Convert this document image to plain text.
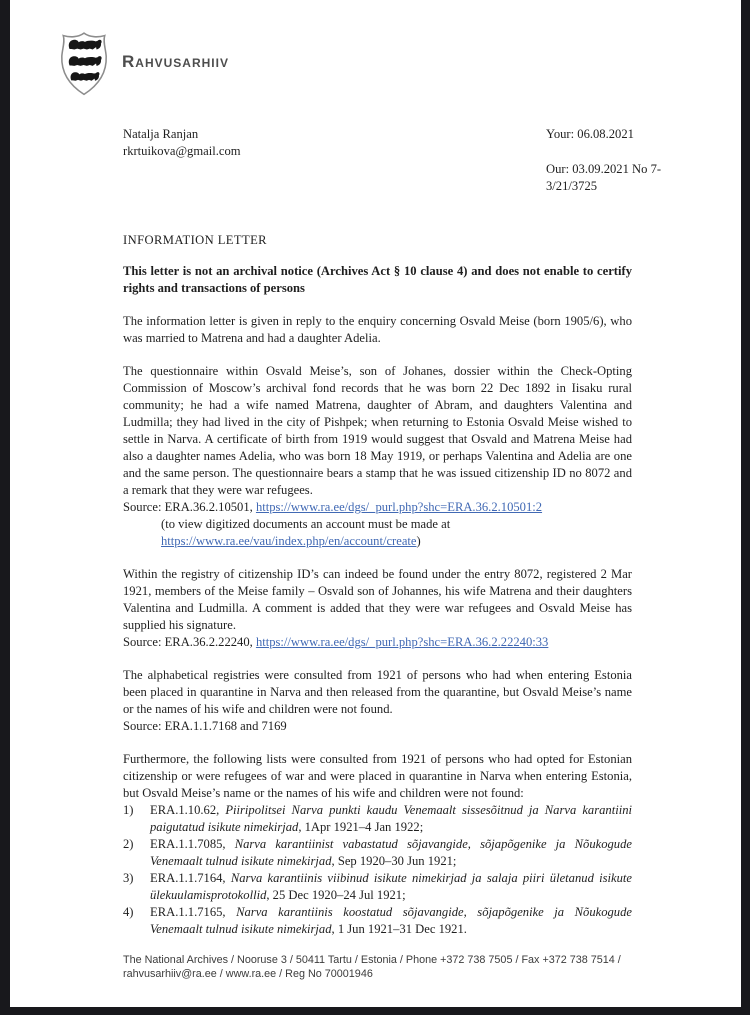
Rahvusarhiiv
Natalja Ranjan
rkrtuikova@gmail.com
Your: 06.08.2021
Our: 03.09.2021 No 7-
3/21/3725

INFORMATION LETTER

This letter is not an archival notice (Archives Act § 10 clause 4) and does not enable to certify rights and transactions of persons

The information letter is given in reply to the enquiry concerning Osvald Meise (born 1905/6), who was married to Matrena and had a daughter Adelia.

The questionnaire within Osvald Meise’s, son of Johanes, dossier within the Check-Opting Commission of Moscow’s archival fond records that he was born 22 Dec 1892 in Iisaku rural community; he had a wife named Matrena, daughter of Abram, and daughters Valentina and Ludmilla; they had lived in the city of Pishpek; when returning to Estonia Osvald Meise wished to settle in Narva. A certificate of birth from 1919 would suggest that Osvald and Matrena Meise had also a daughter names Adelia, who was born 18 May 1919, or perhaps Valentina and Adelia are one and the same person. The questionnaire bears a stamp that he was issued citizenship ID no 8072 and a remark that they were war refugees.

Source: ERA.36.2.10501, https://www.ra.ee/dgs/_purl.php?shc=ERA.36.2.10501:2
(to view digitized documents an account must be made at
https://www.ra.ee/vau/index.php/en/account/create)

Within the registry of citizenship ID’s can indeed be found under the entry 8072, registered 2 Mar 1921, members of the Meise family – Osvald son of Johannes, his wife Matrena and their daughters Valentina and Ludmilla. A comment is added that they were war refugees and Osvald Meise has supplied his signature.

Source: ERA.36.2.22240, https://www.ra.ee/dgs/_purl.php?shc=ERA.36.2.22240:33

The alphabetical registries were consulted from 1921 of persons who had when entering Estonia been placed in quarantine in Narva and then released from the quarantine, but Osvald Meise’s name or the names of his wife and children were not found.

Source: ERA.1.1.7168 and 7169

Furthermore, the following lists were consulted from 1921 of persons who had opted for Estonian citizenship or were refugees of war and were placed in quarantine in Narva when entering Estonia, but Osvald Meise’s name or the names of his wife and children were not found:

1) ERA.1.10.62, Piiripolitsei Narva punkti kaudu Venemaalt sissesõitnud ja Narva karantiini paigutatud isikute nimekirjad, 1Apr 1921–4 Jan 1922;
2) ERA.1.1.7085, Narva karantiinist vabastatud sõjavangide, sõjapõgenike ja Nõukogude Venemaalt tulnud isikute nimekirjad, Sep 1920–30 Jun 1921;
3) ERA.1.1.7164, Narva karantiinis viibinud isikute nimekirjad ja salaja piiri ületanud isikute ülekuulamisprotokollid, 25 Dec 1920–24 Jul 1921;
4) ERA.1.1.7165, Narva karantiinis koostatud sõjavangide, sõjapõgenike ja Nõukogude Venemaalt tulnud isikute nimekirjad, 1 Jun 1921–31 Dec 1921.
The National Archives / Nooruse 3 / 50411 Tartu / Estonia / Phone +372 738 7505 / Fax +372 738 7514 / rahvusarhiiv@ra.ee / www.ra.ee / Reg No 70001946
